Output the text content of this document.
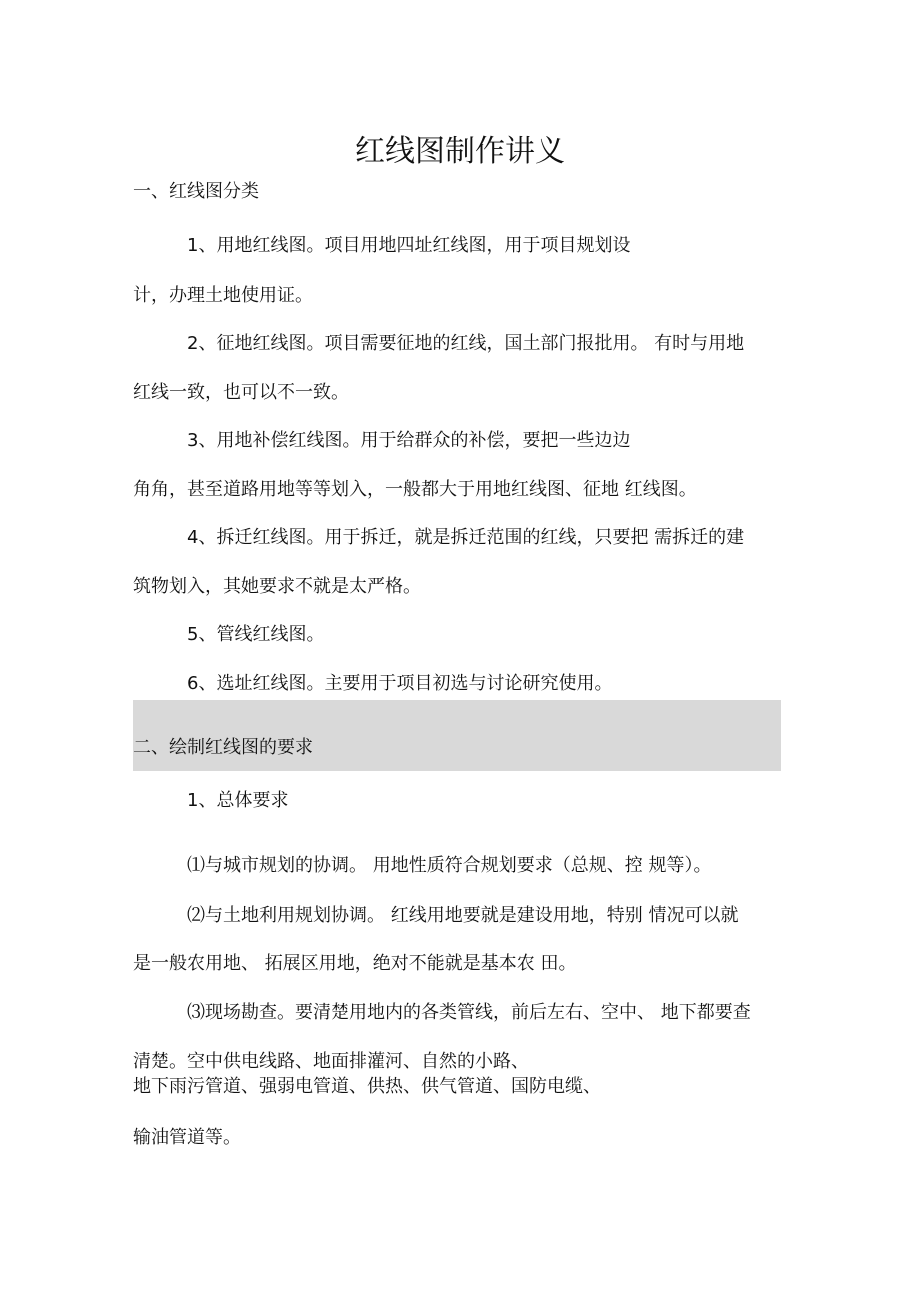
红线图制作讲义
一、红线图分类
1、用地红线图。项目用地四址红线图，用于项目规划设
计，办理土地使用证。
2、征地红线图。项目需要征地的红线，国土部门报批用。 有时与用地
红线一致，也可以不一致。
3、用地补偿红线图。用于给群众的补偿，要把一些边边
角角，甚至道路用地等等划入，一般都大于用地红线图、征地 红线图。
4、拆迁红线图。用于拆迁，就是拆迁范围的红线，只要把 需拆迁的建
筑物划入，其她要求不就是太严格。
5、管线红线图。
6、选址红线图。主要用于项目初选与讨论研究使用。
二、绘制红线图的要求
1、总体要求
⑴与城市规划的协调。 用地性质符合规划要求（总规、控 规等）。
⑵与土地利用规划协调。 红线用地要就是建设用地，特别 情况可以就
是一般农用地、 拓展区用地，绝对不能就是基本农 田。
⑶现场勘查。要清楚用地内的各类管线，前后左右、空中、 地下都要查
清楚。空中供电线路、地面排灌河、自然的小路、
地下雨污管道、强弱电管道、供热、供气管道、国防电缆、
输油管道等。
